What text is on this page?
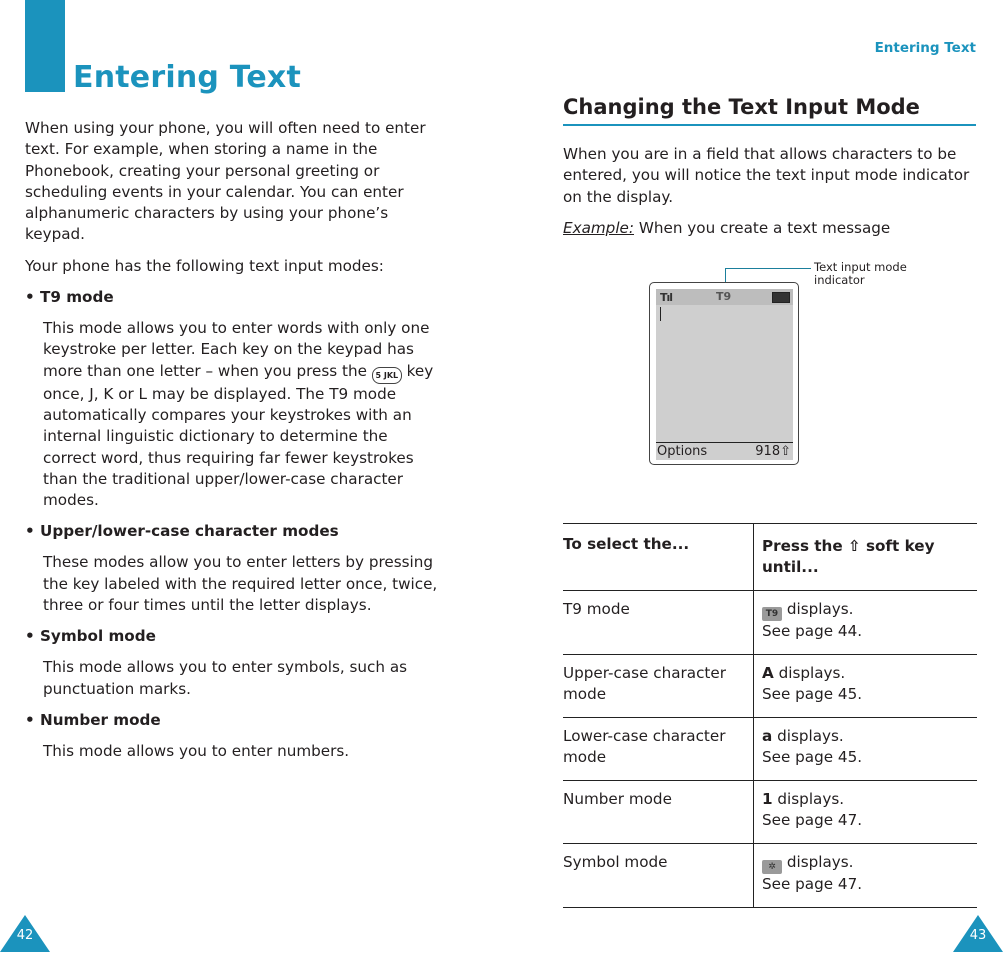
Entering Text

When using your phone, you will often need to enter text. For example, when storing a name in the Phonebook, creating your personal greeting or scheduling events in your calendar. You can enter alphanumeric characters by using your phone’s keypad.

Your phone has the following text input modes:

• T9 mode

This mode allows you to enter words with only one keystroke per letter. Each key on the keypad has more than one letter – when you press the 5 JKL key once, J, K or L may be displayed. The T9 mode automatically compares your keystrokes with an internal linguistic dictionary to determine the correct word, thus requiring far fewer keystrokes than the traditional upper/lower-case character modes.

• Upper/lower-case character modes

These modes allow you to enter letters by pressing the key labeled with the required letter once, twice, three or four times until the letter displays.

• Symbol mode

This mode allows you to enter symbols, such as punctuation marks.

• Number mode

This mode allows you to enter numbers.

42
Entering Text
Changing the Text Input Mode

When you are in a field that allows characters to be entered, you will notice the text input mode indicator on the display.

Example: When you create a text message

Text input mode indicator
Tıl	T9
Options	918⇧
To select the...	Press the ⇧ soft key until...
T9 mode	T9 displays.
See page 44.
Upper-case character mode	A displays.
See page 45.
Lower-case character mode	a displays.
See page 45.
Number mode	1 displays.
See page 47.
Symbol mode	✲ displays.
See page 47.
43
